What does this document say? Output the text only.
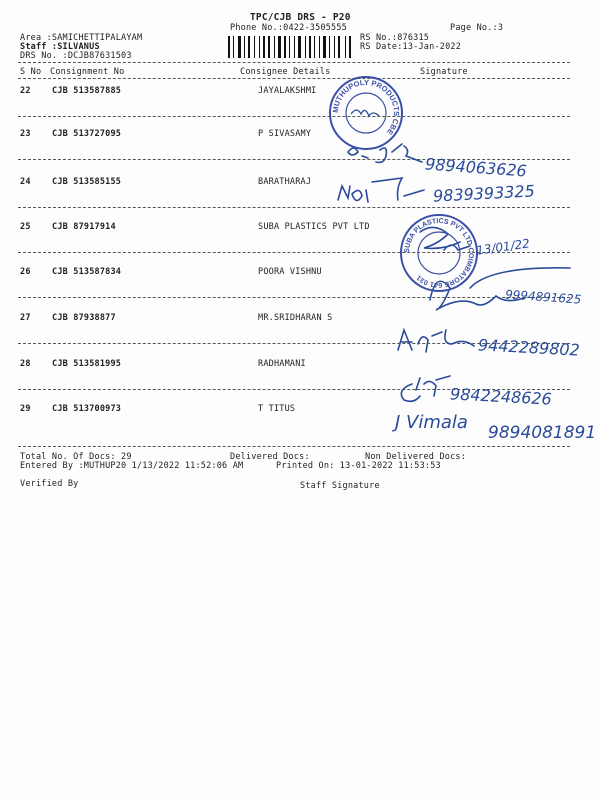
TPC/CJB DRS - P20
Phone No.:0422-3505555	Page No.:3
Area :SAMICHETTIPALAYAM
Staff :SILVANUS
DRS No. :DCJB87631503
RS No.:876315
RS Date:13-Jan-2022
S No Consignment No	Consignee Details	Signature
22	CJB 513587885	JAYALAKSHMI
23	CJB 513727095	P SIVASAMY
24	CJB 513585155	BARATHARAJ
25	CJB 87917914	SUBA PLASTICS PVT LTD
26	CJB 513587834	POORA VISHNU
27	CJB 87938877	MR.SRIDHARAN S
28	CJB 513581995	RADHAMANI
29	CJB 513700973	T TITUS
9894063626
9839393325
13/01/22
9994891625
9442289802
9842248626
J Vimala 9894081891
MUTHUPOLY PRODUCTS CBE
SUBA PLASTICS PVT LTD COIMBATORE 641 031
Total No. Of Docs: 29	Delivered Docs:	Non Delivered Docs:
Entered By :MUTHUP20 1/13/2022 11:52:06 AM	Printed On: 13-01-2022 11:53:53
Verified By	Staff Signature
